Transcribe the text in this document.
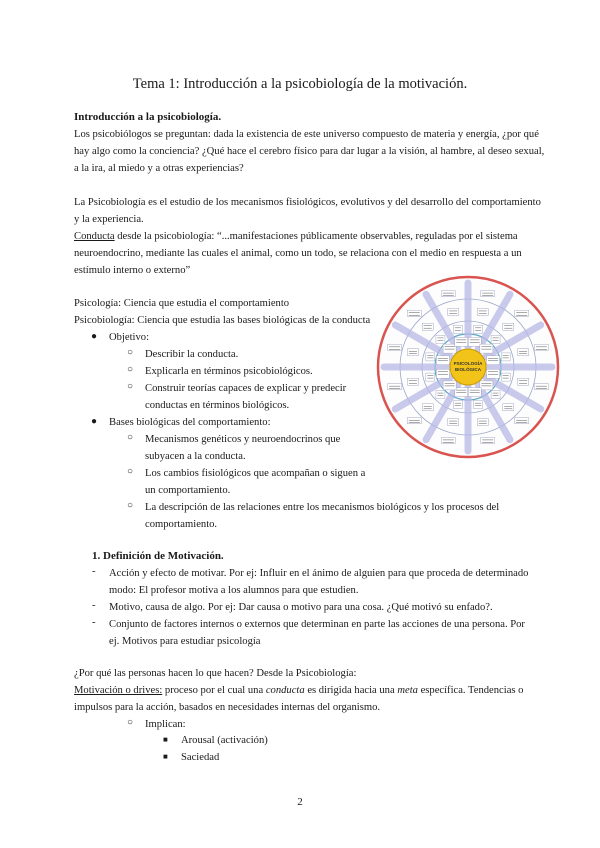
Tema 1: Introducción a la psicobiología de la motivación.
Introducción a la psicobiología.
Los psicobiólogos se preguntan: dada la existencia de este universo compuesto de materia y energía, ¿por qué
hay algo como la conciencia? ¿Qué hace el cerebro físico para dar lugar a la visión, al hambre, al deseo sexual,
a la ira, al miedo y a otras experiencias?
La Psicobiología es el estudio de los mecanismos fisiológicos, evolutivos y del desarrollo del comportamiento
y la experiencia.
Conducta desde la psicobiología: “...manifestaciones públicamente observables, reguladas por el sistema
neuroendocrino, mediante las cuales el animal, como un todo, se relaciona con el medio en respuesta a un
estímulo interno o externo”
Psicología: Ciencia que estudia el comportamiento
Psicobiología: Ciencia que estudia las bases biológicas de la conducta
● Objetivo:
○ Describir la conducta.
○ Explicarla en términos psicobiológicos.
○ Construir teorías capaces de explicar y predecir
conductas en términos biológicos.
● Bases biológicas del comportamiento:
○ Mecanismos genéticos y neuroendocrinos que
subyacen a la conducta.
○ Los cambios fisiológicos que acompañan o siguen a
un comportamiento.
○ La descripción de las relaciones entre los mecanismos biológicos y los procesos del
comportamiento.
1. Definición de Motivación.
- Acción y efecto de motivar. Por ej: Influir en el ánimo de alguien para que proceda de determinado
modo: El profesor motiva a los alumnos para que estudien.
- Motivo, causa de algo. Por ej: Dar causa o motivo para una cosa. ¿Qué motivó su enfado?.
- Conjunto de factores internos o externos que determinan en parte las acciones de una persona. Por
ej. Motivos para estudiar psicología
¿Por qué las personas hacen lo que hacen? Desde la Psicobiología:
Motivación o drives: proceso por el cual una conducta es dirigida hacia una meta específica. Tendencias o
impulsos para la acción, basados en necesidades internas del organismo.
○ Implican:
■ Arousal (activación)
■ Saciedad
PSICOLOGÍA
BIOLÓGICA
2
